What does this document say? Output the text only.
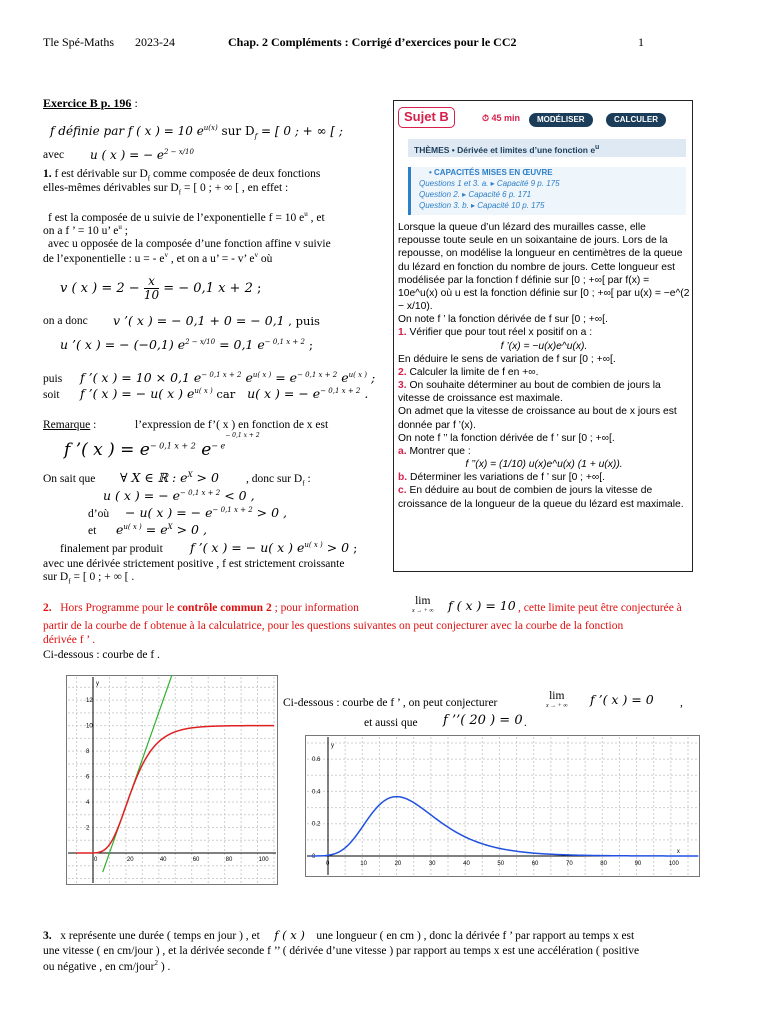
Tle Spé-Maths 2023-24	Chap. 2 Compléments : Corrigé d’exercices pour le CC2	1
Exercice B p. 196 :
f définie par f ( x ) = 10 $e^{u(x)}$ sur $D_f$ = [ 0 ; + ∞ [ ;
avec u ( x ) = − $e^{2 - x/10}$
1. f est dérivable sur $D_f$ comme composée de deux fonctions
elles-mêmes dérivables sur $D_f$ = [ 0 ; + ∞ [ , en effet :
f est la composée de u suivie de l’exponentielle f = 10 $e^u$ , et
on a f ’ = 10 u’ $e^u$ ;
avec u opposée de la composée d’une fonction affine v suivie
de l’exponentielle : u = - $e^v$ , et on a u’ = - v’ $e^v$ où
v ( x ) = $2 - \frac{x}{10}$ = − 0,1 x + 2 ;
on a donc v ’( x ) = − 0,1 + 0 = − 0,1 , puis
u ’( x ) = − (−0,1) $e^{2 - x/10} = 0,1$ $e^{- 0,1 x + 2}$ ;
puis f ’( x ) = 10 × 0,1 $e^{- 0,1 x + 2}$ $e^{u( x )} = e^{- 0,1 x + 2}$ $e^{u( x )}$ ;
soit f ’( x ) = − u( x ) $e^{u( x )}$ car u( x ) = − $e^{- 0,1 x + 2}$ .
Remarque :	l’expression de f’( x ) en fonction de x est
f ’( x ) = $e^{- 0,1 x + 2}$ $e^{- e- 0,1 x + 2}$
On sait que ∀ X ∈ ℝ : $e^X > 0$ , donc sur $D_f$ :
u ( x ) = − $e^{- 0,1 x + 2} < 0$ ,
d’où − u( x ) = − $e^{- 0,1 x + 2} > 0$ ,
et $e^{u( x )} = e^X > 0$ ,
finalement par produit f ’( x ) = − u( x ) $e^{u( x )} > 0$ ;
avec une dérivée strictement positive , f est strictement croissante
sur $D_f$ = [ 0 ; + ∞ [ .
Sujet B	⏱ 45 min	MODÉLISER	CALCULER
THÈMES • Dérivée et limites d’une fonction $e^u$
• CAPACITÉS MISES EN ŒUVRE
Questions 1 et 3. a. ▸ Capacité 9 p. 175
Question 2. ▸ Capacité 6 p. 171
Question 3. b. ▸ Capacité 10 p. 175

Lorsque la queue d’un lézard des murailles casse, elle repousse toute seule en un soixantaine de jours. Lors de la repousse, on modélise la longueur en centimètres de la queue du lézard en fonction du nombre de jours. Cette longueur est modélisée par la fonction f définie sur [0 ; +∞[ par f(x) = 10e^u(x) où u est la fonction définie sur [0 ; +∞[ par u(x) = −e^(2 − x/10).

On note f ’ la fonction dérivée de f sur [0 ; +∞[.

1. Vérifier que pour tout réel x positif on a :

f ’(x) = −u(x)e^u(x).

En déduire le sens de variation de f sur [0 ; +∞[.

2. Calculer la limite de f en +∞.

3. On souhaite déterminer au bout de combien de jours la vitesse de croissance est maximale.

On admet que la vitesse de croissance au bout de x jours est donnée par f ’(x).

On note f ’’ la fonction dérivée de f ’ sur [0 ; +∞[.

a. Montrer que :

f ’’(x) = (1/10) u(x)e^u(x) (1 + u(x)).

b. Déterminer les variations de f ’ sur [0 ; +∞[.

c. En déduire au bout de combien de jours la vitesse de croissance de la longueur de la queue du lézard est maximale.

2. Hors Programme pour le contrôle commun 2 ; pour information
lim
x → + ∞ f ( x ) = 10 , cette limite peut être conjecturée à
partir de la courbe de f obtenue à la calculatrice, pour les questions suivantes on peut conjecturer avec la courbe de la fonction
dérivée f ’ .
Ci-dessous : courbe de f .
Ci-dessous : courbe de f ’ , on peut conjecturer
lim
x → + ∞ f ’( x ) = 0 ,
et aussi que f ’’( 20 ) = 0 .
2
4
6
8
10
12
0	20	40	60	80	100
y
0
0.2
0.4
0.6
0	10	20	30	40	50	60	70	80	90	100
y
x
3. x représente une durée ( temps en jour ) , et f ( x ) une longueur ( en cm ) , donc la dérivée f ’ par rapport au temps x est
une vitesse ( en cm/jour ) , et la dérivée seconde f ’’ ( dérivée d’une vitesse ) par rapport au temps x est une accélération ( positive
ou négative , en cm/jour$^2$ ) .
